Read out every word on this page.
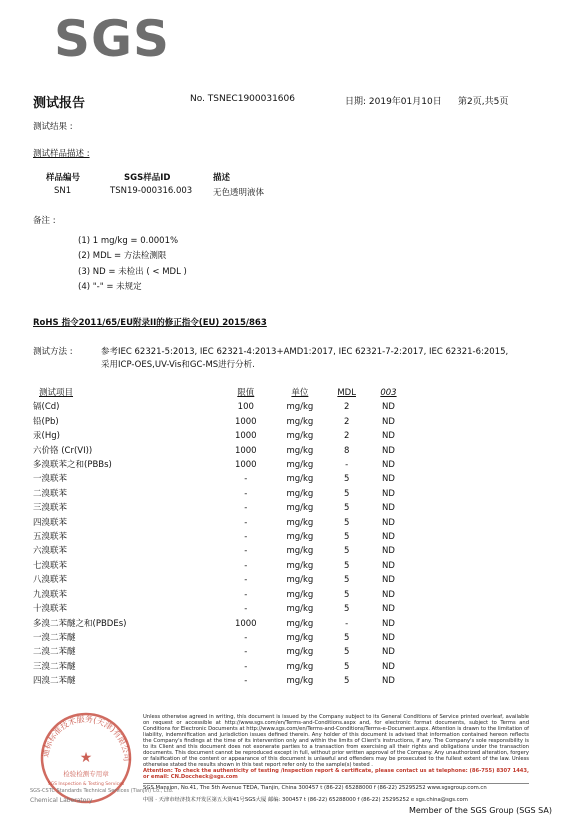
SGS
测试报告	No. TSNEC1900031606	日期: 2019年01月10日 第2页,共5页
测试结果 :
测试样品描述 :
样品编号	SGS样品ID	描述
SN1	TSN19-000316.003 无色透明液体
备注 :
(1) 1 mg/kg = 0.0001%
(2) MDL = 方法检测限
(3) ND = 未检出 ( < MDL )
(4) "-" = 未规定
RoHS 指令2011/65/EU附录II的修正指令(EU) 2015/863
测试方法 :	参考IEC 62321-5:2013, IEC 62321-4:2013+AMD1:2017, IEC 62321-7-2:2017, IEC 62321-6:2015,
采用ICP-OES,UV-Vis和GC-MS进行分析.
测试项目	限值	单位	MDL	003
镉(Cd)	100	mg/kg	2	ND
铅(Pb)	1000	mg/kg	2	ND
汞(Hg)	1000	mg/kg	2	ND
六价铬 (Cr(VI))	1000	mg/kg	8	ND
多溴联苯之和(PBBs)	1000	mg/kg	-	ND
一溴联苯	-	mg/kg	5	ND
二溴联苯	-	mg/kg	5	ND
三溴联苯	-	mg/kg	5	ND
四溴联苯	-	mg/kg	5	ND
五溴联苯	-	mg/kg	5	ND
六溴联苯	-	mg/kg	5	ND
七溴联苯	-	mg/kg	5	ND
八溴联苯	-	mg/kg	5	ND
九溴联苯	-	mg/kg	5	ND
十溴联苯	-	mg/kg	5	ND
多溴二苯醚之和(PBDEs)	1000	mg/kg	-	ND
一溴二苯醚	-	mg/kg	5	ND
二溴二苯醚	-	mg/kg	5	ND
三溴二苯醚	-	mg/kg	5	ND
四溴二苯醚	-	mg/kg	5	ND
通标标准技术服务(天津)有限公司
★
检验检测专用章
SGS Inspection & Testing Services
SGS-CSTC Standards Technical Services (Tianjin) Co., Ltd.
Chemical Laboratory
Unless otherwise agreed in writing, this document is issued by the Company subject to its General Conditions of Service printed overleaf, available on request or accessible at http://www.sgs.com/en/Terms-and-Conditions.aspx and, for electronic format documents, subject to Terms and Conditions for Electronic Documents at http://www.sgs.com/en/Terms-and-Conditions/Terms-e-Document.aspx. Attention is drawn to the limitation of liability, indemnification and jurisdiction issues defined therein. Any holder of this document is advised that information contained hereon reflects the Company's findings at the time of its intervention only and within the limits of Client's instructions, if any. The Company's sole responsibility is to its Client and this document does not exonerate parties to a transaction from exercising all their rights and obligations under the transaction documents. This document cannot be reproduced except in full, without prior written approval of the Company. Any unauthorized alteration, forgery or falsification of the content or appearance of this document is unlawful and offenders may be prosecuted to the fullest extent of the law. Unless otherwise stated the results shown in this test report refer only to the sample(s) tested .
Attention: To check the authenticity of testing /inspection report & certificate, please contact us at telephone: (86-755) 8307 1443, or email: CN.Doccheck@sgs.com
SGS Mansion, No.41, The 5th Avenue TEDA, Tianjin, China 300457 t (86-22) 65288000 f (86-22) 25295252 www.sgsgroup.com.cn
中国 · 天津市经济技术开发区第五大街41号SGS大厦 邮编: 300457 t (86-22) 65288000 f (86-22) 25295252 e sgs.china@sgs.com
Member of the SGS Group (SGS SA)
